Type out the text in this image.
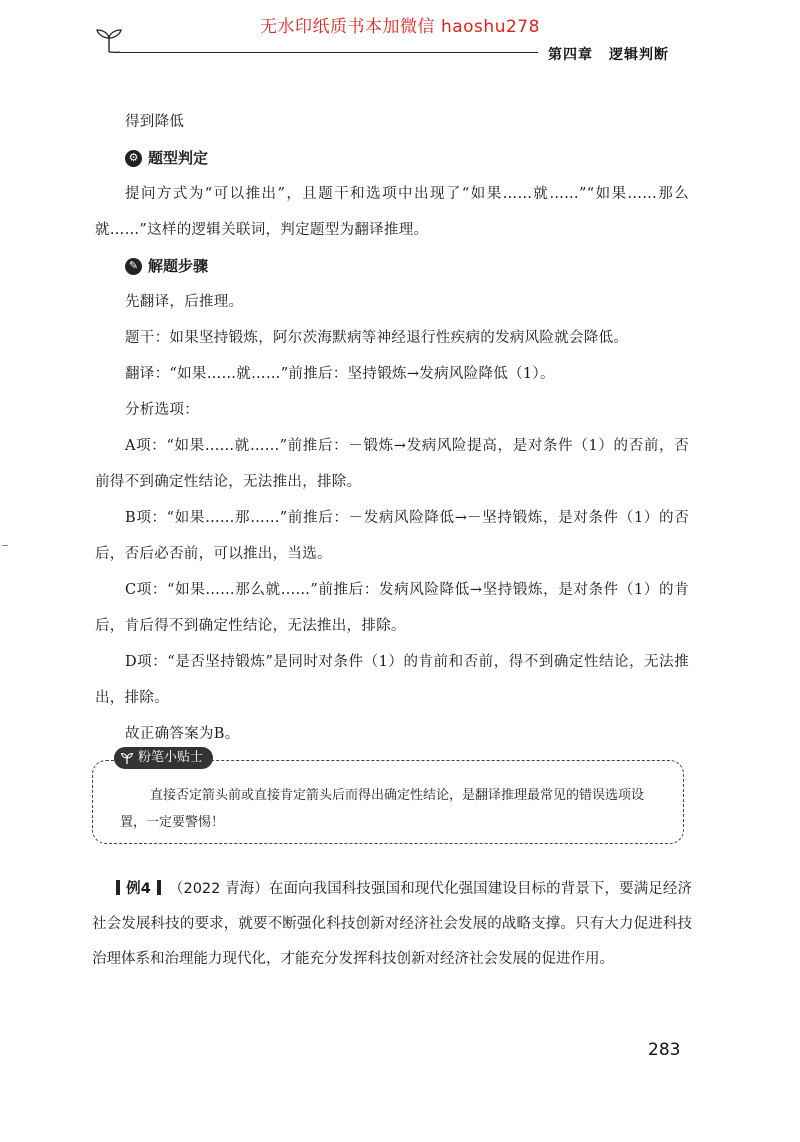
无水印纸质书本加微信 haoshu278
第四章 逻辑判断

得到降低

⚙ 题型判定

提问方式为“可以推出”，且题干和选项中出现了“如果……就……”“如果……那么就……”这样的逻辑关联词，判定题型为翻译推理。

✎ 解题步骤

先翻译，后推理。

题干：如果坚持锻炼，阿尔茨海默病等神经退行性疾病的发病风险就会降低。

翻译：“如果……就……”前推后：坚持锻炼→发病风险降低（1）。

分析选项：

A项：“如果……就……”前推后：－锻炼→发病风险提高，是对条件（1）的否前，否前得不到确定性结论，无法推出，排除。

B项：“如果……那……”前推后：－发病风险降低→－坚持锻炼，是对条件（1）的否后，否后必否前，可以推出，当选。

C项：“如果……那么就……”前推后：发病风险降低→坚持锻炼，是对条件（1）的肯后，肯后得不到确定性结论，无法推出，排除。

D项：“是否坚持锻炼”是同时对条件（1）的肯前和否前，得不到确定性结论，无法推出，排除。

故正确答案为B。

粉笔小贴士

直接否定箭头前或直接肯定箭头后而得出确定性结论，是翻译推理最常见的错误选项设置，一定要警惕！

例4 （2022 青海）在面向我国科技强国和现代化强国建设目标的背景下，要满足经济社会发展科技的要求，就要不断强化科技创新对经济社会发展的战略支撑。只有大力促进科技治理体系和治理能力现代化，才能充分发挥科技创新对经济社会发展的促进作用。

283
